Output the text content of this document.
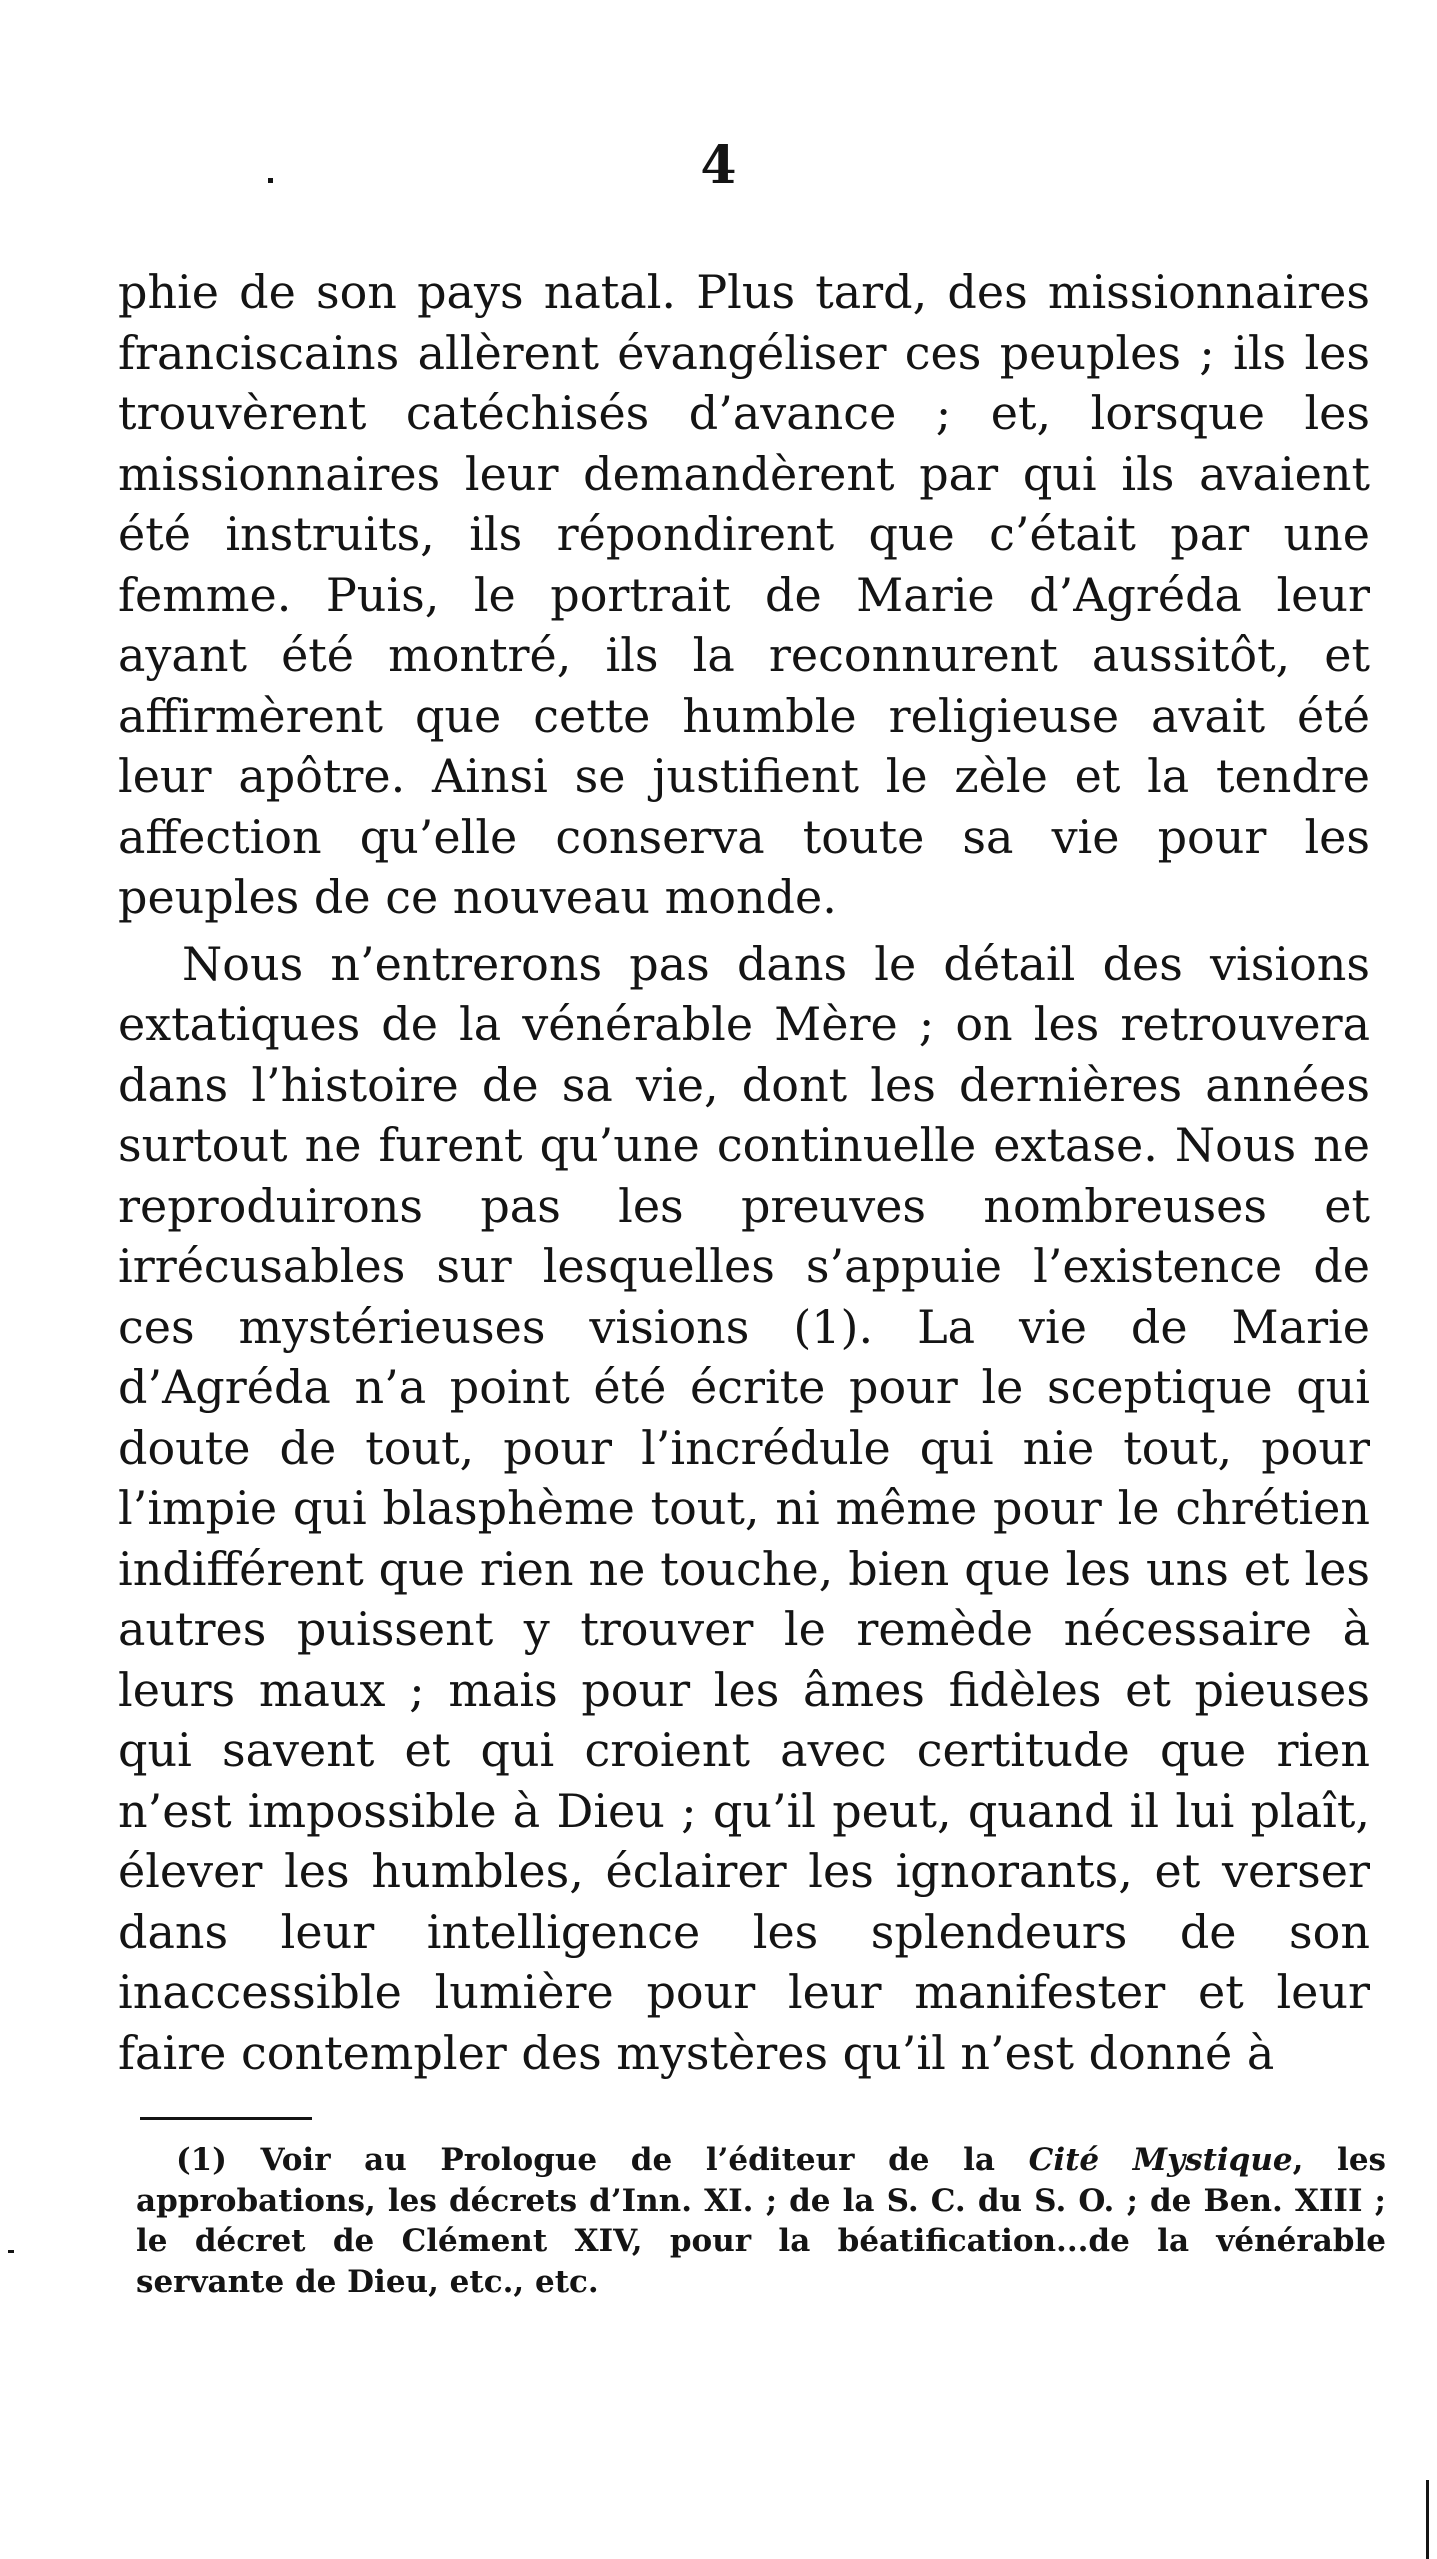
4

phie de son pays natal. Plus tard, des missionnaires franciscains allèrent évangéliser ces peuples ; ils les trouvèrent catéchisés d’avance ; et, lorsque les missionnaires leur demandèrent par qui ils avaient été instruits, ils répondirent que c’était par une femme. Puis, le portrait de Marie d’Agréda leur ayant été montré, ils la reconnurent aussitôt, et affirmèrent que cette humble religieuse avait été leur apôtre. Ainsi se justifient le zèle et la tendre affection qu’elle conserva toute sa vie pour les peuples de ce nouveau monde.

Nous n’entrerons pas dans le détail des visions extatiques de la vénérable Mère ; on les retrouvera dans l’histoire de sa vie, dont les dernières années surtout ne furent qu’une continuelle extase. Nous ne reproduirons pas les preuves nombreuses et irrécusables sur lesquelles s’appuie l’existence de ces mystérieuses visions (1). La vie de Marie d’Agréda n’a point été écrite pour le sceptique qui doute de tout, pour l’incrédule qui nie tout, pour l’impie qui blasphème tout, ni même pour le chrétien indifférent que rien ne touche, bien que les uns et les autres puissent y trouver le remède nécessaire à leurs maux ; mais pour les âmes fidèles et pieuses qui savent et qui croient avec certitude que rien n’est impossible à Dieu ; qu’il peut, quand il lui plaît, élever les humbles, éclairer les ignorants, et verser dans leur intelligence les splendeurs de son inaccessible lumière pour leur manifester et leur faire contempler des mystères qu’il n’est donné à

(1) Voir au Prologue de l’éditeur de la Cité Mystique, les approbations, les décrets d’Inn. XI. ; de la S. C. du S. O. ; de Ben. XIII ; le décret de Clément XIV, pour la béatification...de la vénérable servante de Dieu, etc., etc.
